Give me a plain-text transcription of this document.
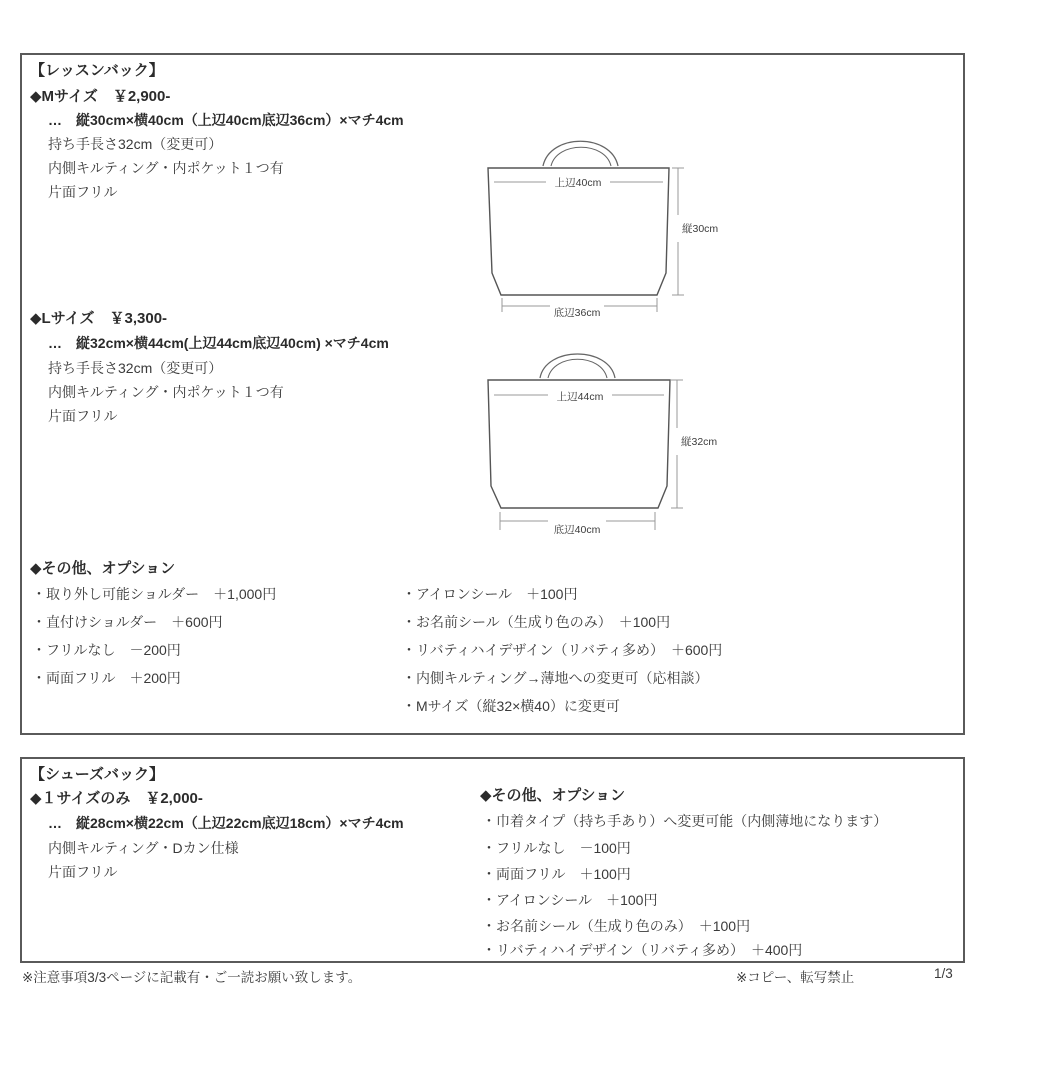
【レッスンバック】
◆Mサイズ　￥2,900-
…　縦30cm×横40cm（上辺40cm底辺36cm）×マチ4cm
持ち手長さ32cm（変更可）
内側キルティング・内ポケット１つ有
片面フリル
上辺40cm
縦30cm
底辺36cm
◆Lサイズ　￥3,300-
…　縦32cm×横44cm(上辺44cm底辺40cm) ×マチ4cm
持ち手長さ32cm（変更可）
内側キルティング・内ポケット１つ有
片面フリル
上辺44cm
縦32cm
底辺40cm
◆その他、オプション
・取り外し可能ショルダー　＋1,000円
・直付けショルダー　＋600円
・フリルなし　－200円
・両面フリル　＋200円
・アイロンシール　＋100円
・お名前シール（生成り色のみ）　＋100円
・リバティハイデザイン（リバティ多め）　＋600円
・内側キルティング→薄地への変更可（応相談）
・Mサイズ（縦32×横40）に変更可
【シューズバック】
◆１サイズのみ　￥2,000-
…　縦28cm×横22cm（上辺22cm底辺18cm）×マチ4cm
内側キルティング・Dカン仕様
片面フリル
◆その他、オプション
・巾着タイプ（持ち手あり）へ変更可能（内側薄地になります）
・フリルなし　－100円
・両面フリル　＋100円
・アイロンシール　＋100円
・お名前シール（生成り色のみ）　＋100円
・リバティハイデザイン（リバティ多め）　＋400円
※注意事項3/3ページに記載有・ご一読お願い致します。	※コピー、転写禁止	1/3
